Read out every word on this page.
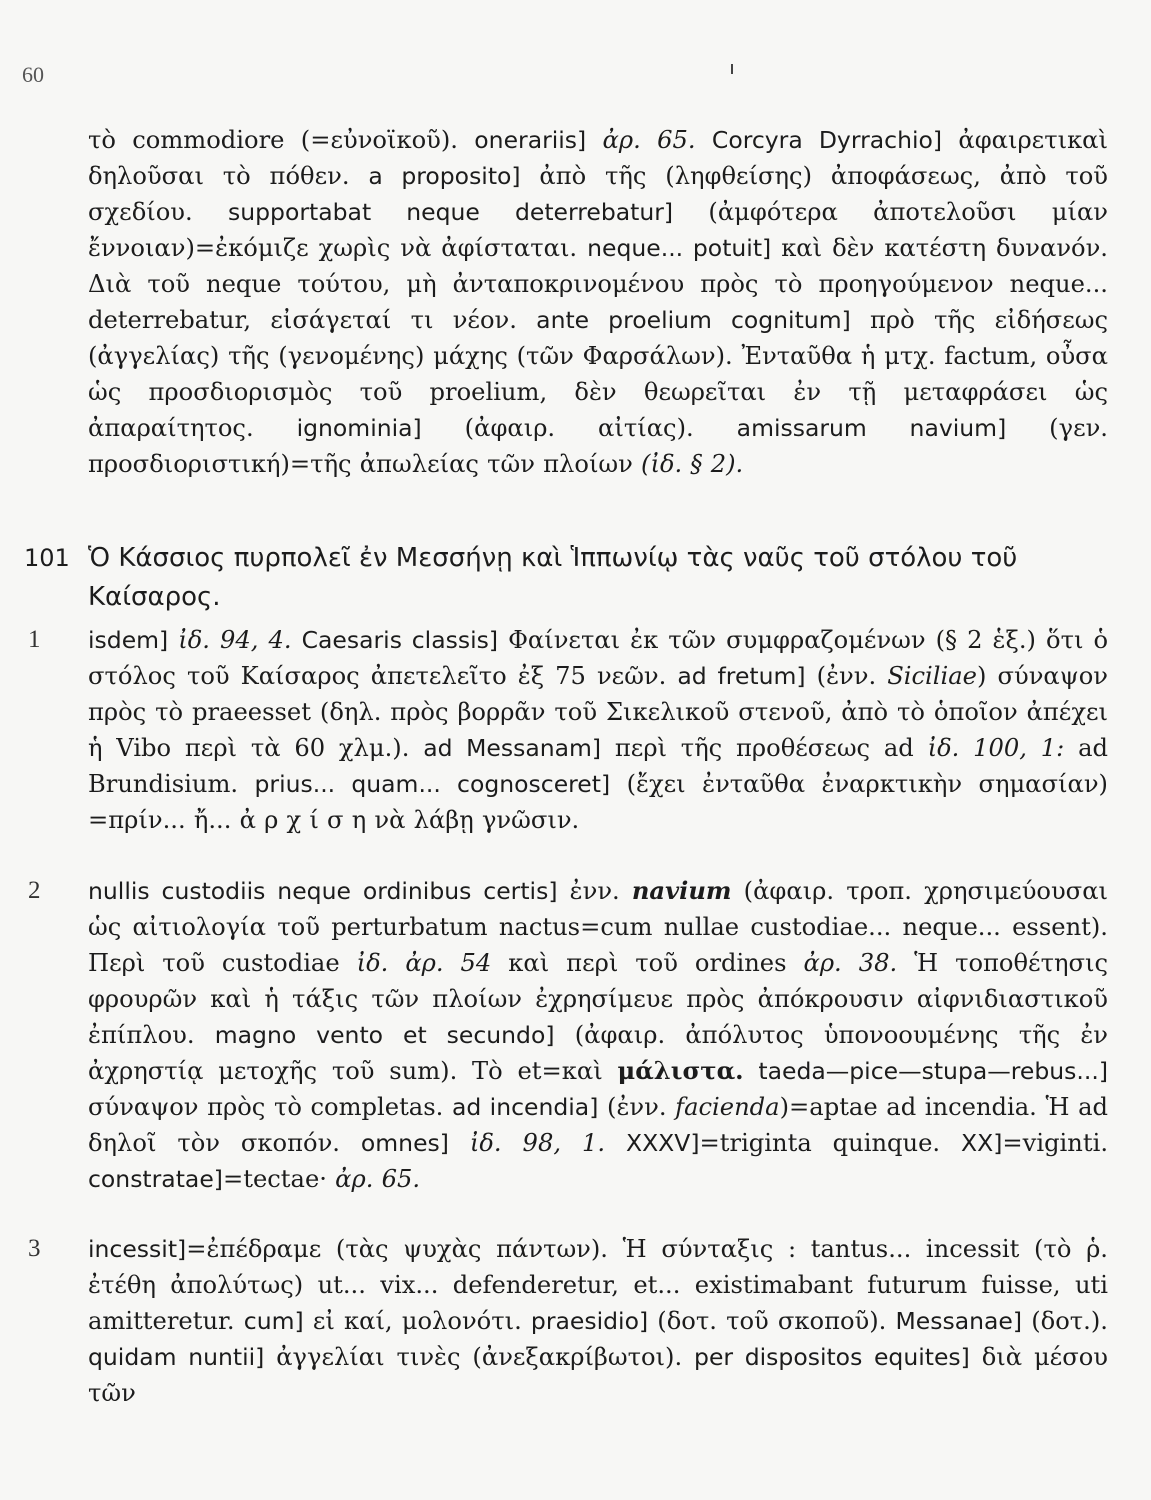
60
τὸ commodiore (=εὐνοϊκοῦ). onerariis] ἀρ. 65. Corcyra Dyrrachio] ἀφαιρετικαὶ δηλοῦσαι τὸ πόθεν. a proposito] ἀπὸ τῆς (ληφθείσης) ἀποφάσεως, ἀπὸ τοῦ σχεδίου. supportabat neque deterrebatur] (ἀμφότερα ἀποτελοῦσι μίαν ἔννοιαν)=ἐκόμιζε χωρὶς νὰ ἀφίσταται. neque... potuit] καὶ δὲν κατέστη δυνανόν. Διὰ τοῦ neque τούτου, μὴ ἀνταποκρινομένου πρὸς τὸ προηγούμενον neque... deterrebatur, εἰσάγεταί τι νέον. ante proelium cognitum] πρὸ τῆς εἰδήσεως (ἀγγελίας) τῆς (γενομένης) μάχης (τῶν Φαρσάλων). Ἐνταῦθα ἡ μτχ. factum, οὖσα ὡς προσδιορισμὸς τοῦ proelium, δὲν θεωρεῖται ἐν τῇ μεταφράσει ὡς ἀπαραίτητος. ignominia] (ἀφαιρ. αἰτίας). amissarum navium] (γεν. προσδιοριστική)=τῆς ἀπωλείας τῶν πλοίων (ἰδ. § 2).
101 Ὁ Κάσσιος πυρπολεῖ ἐν Μεσσήνῃ καὶ Ἱππωνίῳ τὰς ναῦς τοῦ στόλου τοῦ Καίσαρος.
1 isdem] ἰδ. 94, 4. Caesaris classis] Φαίνεται ἐκ τῶν συμφραζομένων (§ 2 ἑξ.) ὅτι ὁ στόλος τοῦ Καίσαρος ἀπετελεῖτο ἐξ 75 νεῶν. ad fretum] (ἐνν. Siciliae) σύναψον πρὸς τὸ praeesset (δηλ. πρὸς βορρᾶν τοῦ Σικελικοῦ στενοῦ, ἀπὸ τὸ ὁποῖον ἀπέχει ἡ Vibo περὶ τὰ 60 χλμ.). ad Messanam] περὶ τῆς προθέσεως ad ἰδ. 100, 1: ad Brundisium. prius... quam... cognosceret] (ἔχει ἐνταῦθα ἐναρκτικὴν σημασίαν) =πρίν... ἤ... ἀ ρ χ ί σ η νὰ λάβῃ γνῶσιν.
2 nullis custodiis neque ordinibus certis] ἐνν. navium (ἀφαιρ. τροπ. χρησιμεύουσαι ὡς αἰτιολογία τοῦ perturbatum nactus=cum nullae custodiae... neque... essent). Περὶ τοῦ custodiae ἰδ. ἀρ. 54 καὶ περὶ τοῦ ordines ἀρ. 38. Ἡ τοποθέτησις φρουρῶν καὶ ἡ τάξις τῶν πλοίων ἐχρησίμευε πρὸς ἀπόκρουσιν αἰφνιδιαστικοῦ ἐπίπλου. magno vento et secundo] (ἀφαιρ. ἀπόλυτος ὑπονοουμένης τῆς ἐν ἀχρηστίᾳ μετοχῆς τοῦ sum). Τὸ et=καὶ μάλιστα. taeda—pice—stupa—rebus...] σύναψον πρὸς τὸ completas. ad incendia] (ἐνν. facienda)=aptae ad incendia. Ἡ ad δηλοῖ τὸν σκοπόν. omnes] ἰδ. 98, 1. XXXV]=triginta quinque. XX]=viginti. constratae]=tectae· ἀρ. 65.
3 incessit]=ἐπέδραμε (τὰς ψυχὰς πάντων). Ἡ σύνταξις : tantus... incessit (τὸ ῥ. ἐτέθη ἀπολύτως) ut... vix... defenderetur, et... existimabant futurum fuisse, uti amitteretur. cum] εἰ καί, μολονότι. praesidio] (δοτ. τοῦ σκοποῦ). Messanae] (δοτ.). quidam nuntii] ἀγγελίαι τινὲς (ἀνεξακρίβωτοι). per dispositos equites] διὰ μέσου τῶν
